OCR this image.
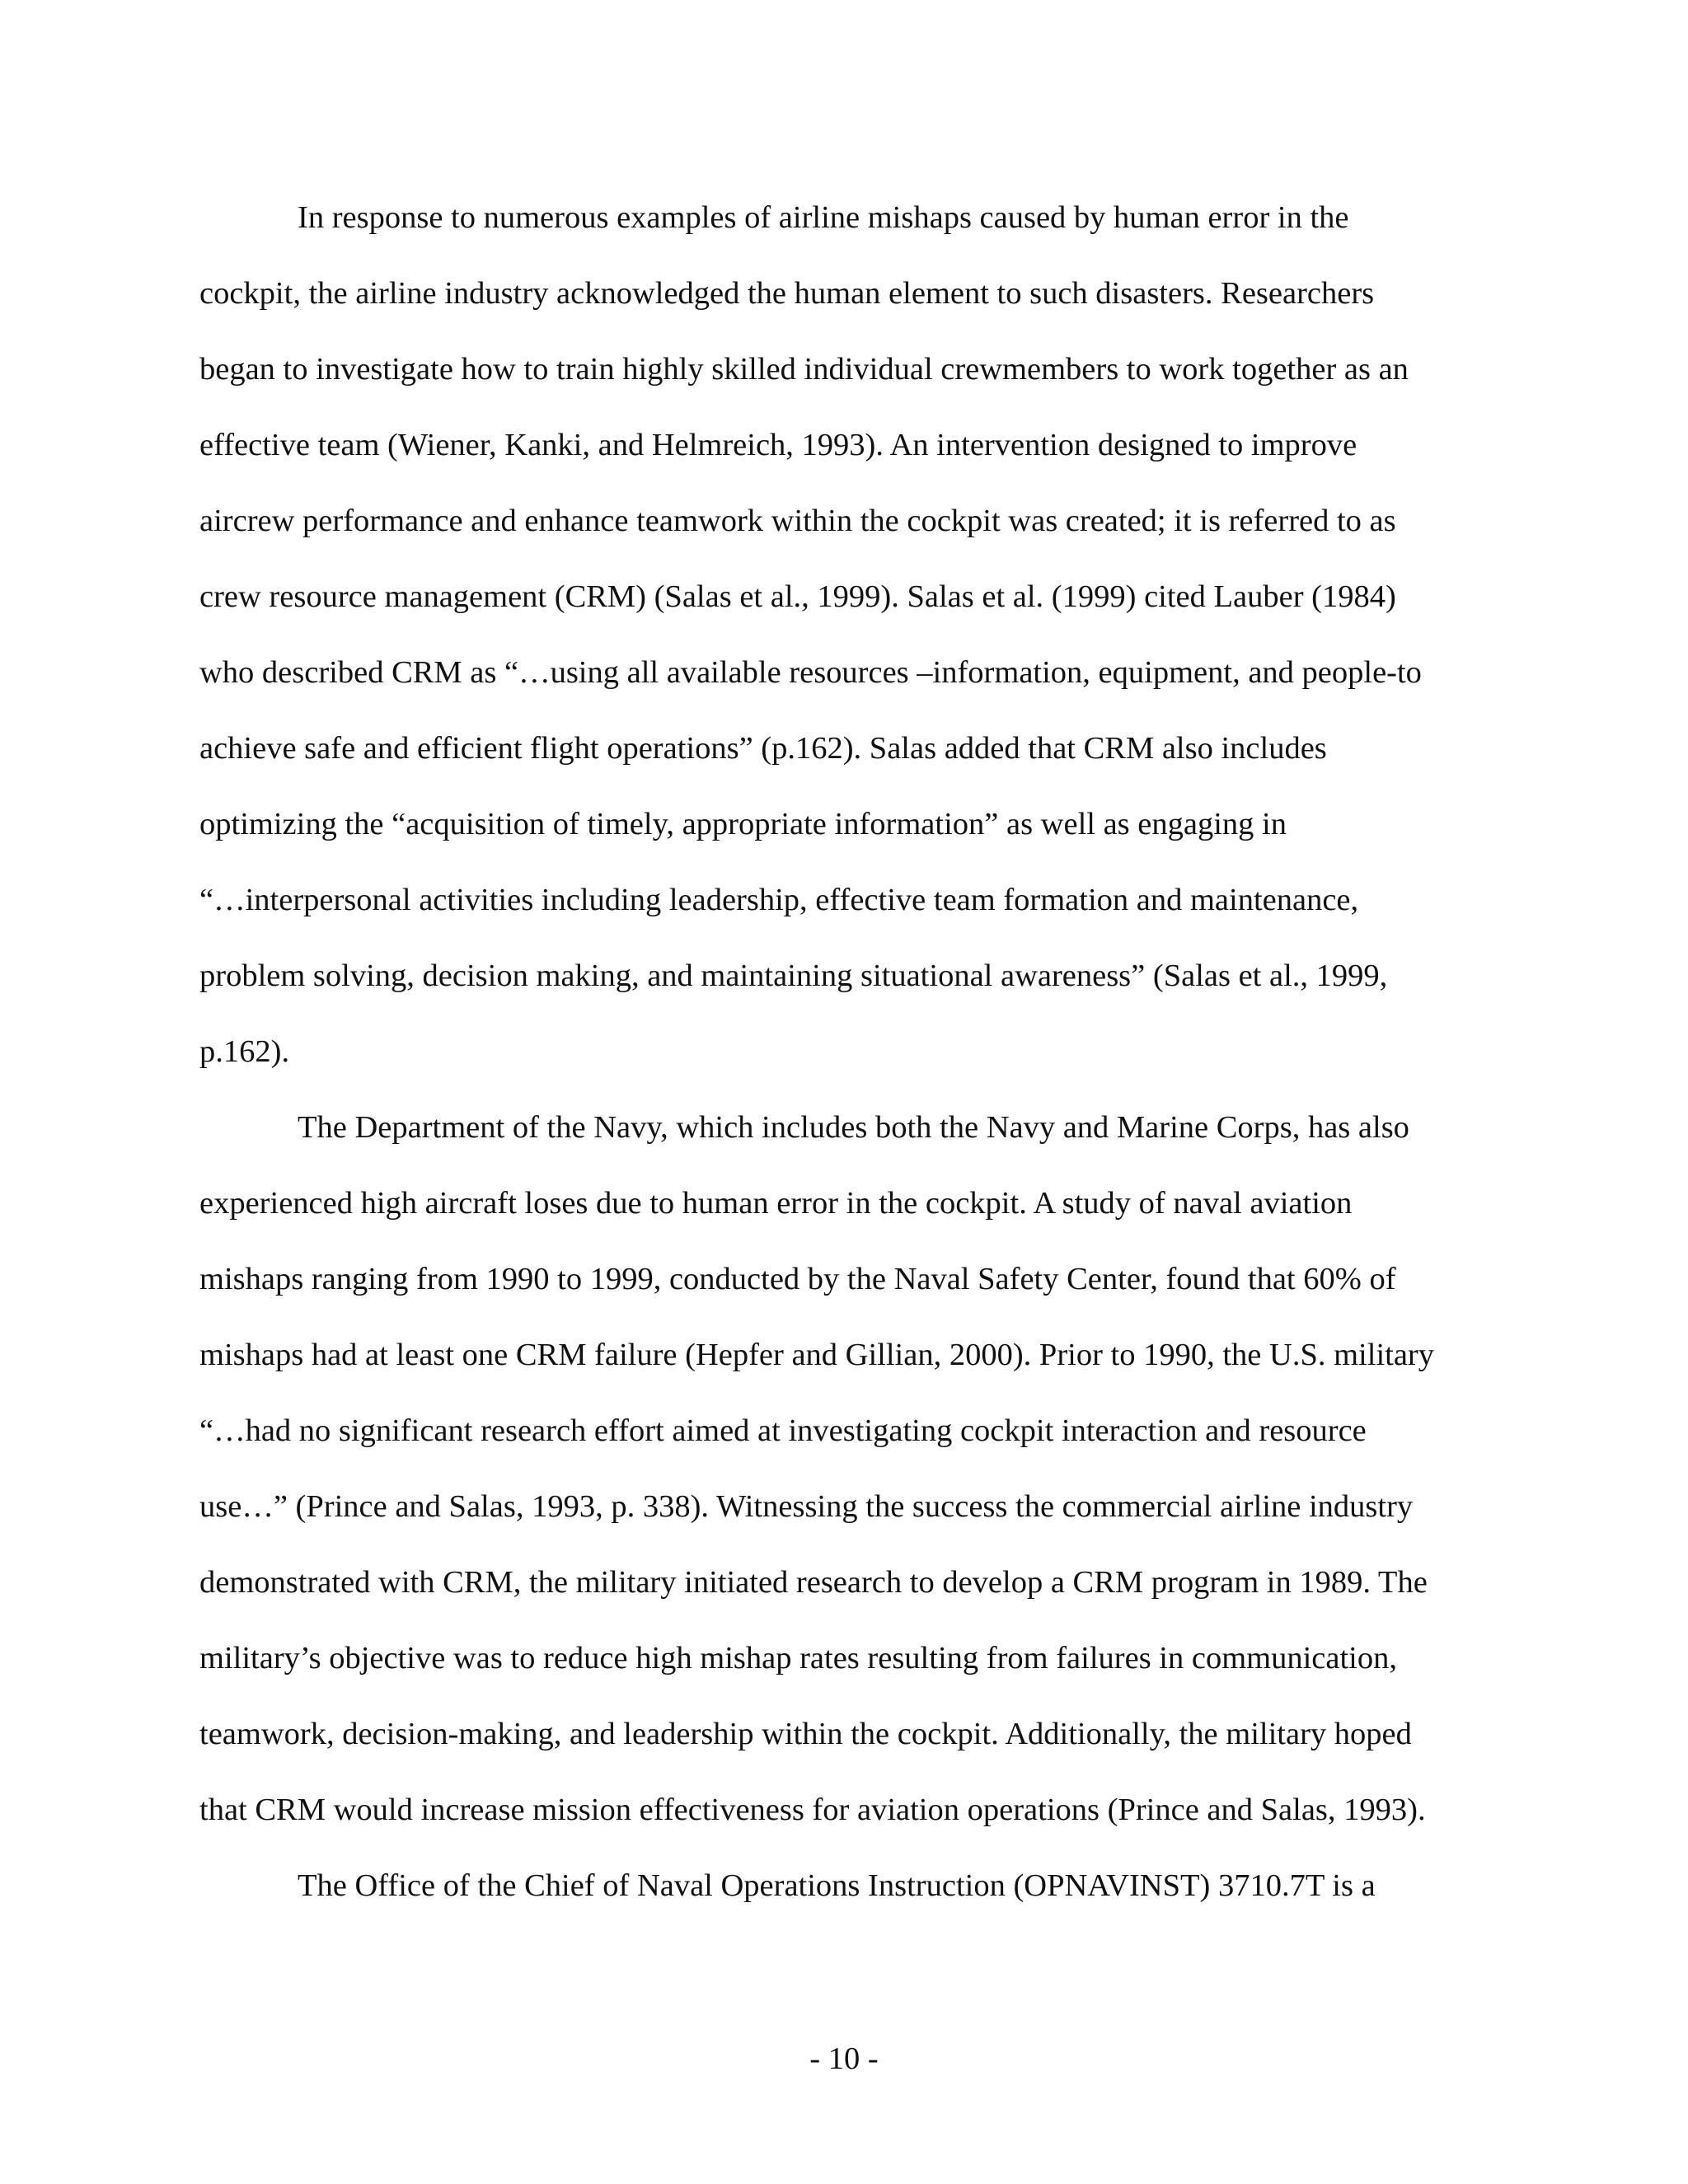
In response to numerous examples of airline mishaps caused by human error in the
cockpit, the airline industry acknowledged the human element to such disasters. Researchers
began to investigate how to train highly skilled individual crewmembers to work together as an
effective team (Wiener, Kanki, and Helmreich, 1993). An intervention designed to improve
aircrew performance and enhance teamwork within the cockpit was created; it is referred to as
crew resource management (CRM) (Salas et al., 1999). Salas et al. (1999) cited Lauber (1984)
who described CRM as “…using all available resources –information, equipment, and people-to
achieve safe and efficient flight operations” (p.162). Salas added that CRM also includes
optimizing the “acquisition of timely, appropriate information” as well as engaging in
“…interpersonal activities including leadership, effective team formation and maintenance,
problem solving, decision making, and maintaining situational awareness” (Salas et al., 1999,
p.162).
The Department of the Navy, which includes both the Navy and Marine Corps, has also
experienced high aircraft loses due to human error in the cockpit. A study of naval aviation
mishaps ranging from 1990 to 1999, conducted by the Naval Safety Center, found that 60% of
mishaps had at least one CRM failure (Hepfer and Gillian, 2000). Prior to 1990, the U.S. military
“…had no significant research effort aimed at investigating cockpit interaction and resource
use…” (Prince and Salas, 1993, p. 338). Witnessing the success the commercial airline industry
demonstrated with CRM, the military initiated research to develop a CRM program in 1989. The
military’s objective was to reduce high mishap rates resulting from failures in communication,
teamwork, decision-making, and leadership within the cockpit. Additionally, the military hoped
that CRM would increase mission effectiveness for aviation operations (Prince and Salas, 1993).
The Office of the Chief of Naval Operations Instruction (OPNAVINST) 3710.7T is a
- 10 -
